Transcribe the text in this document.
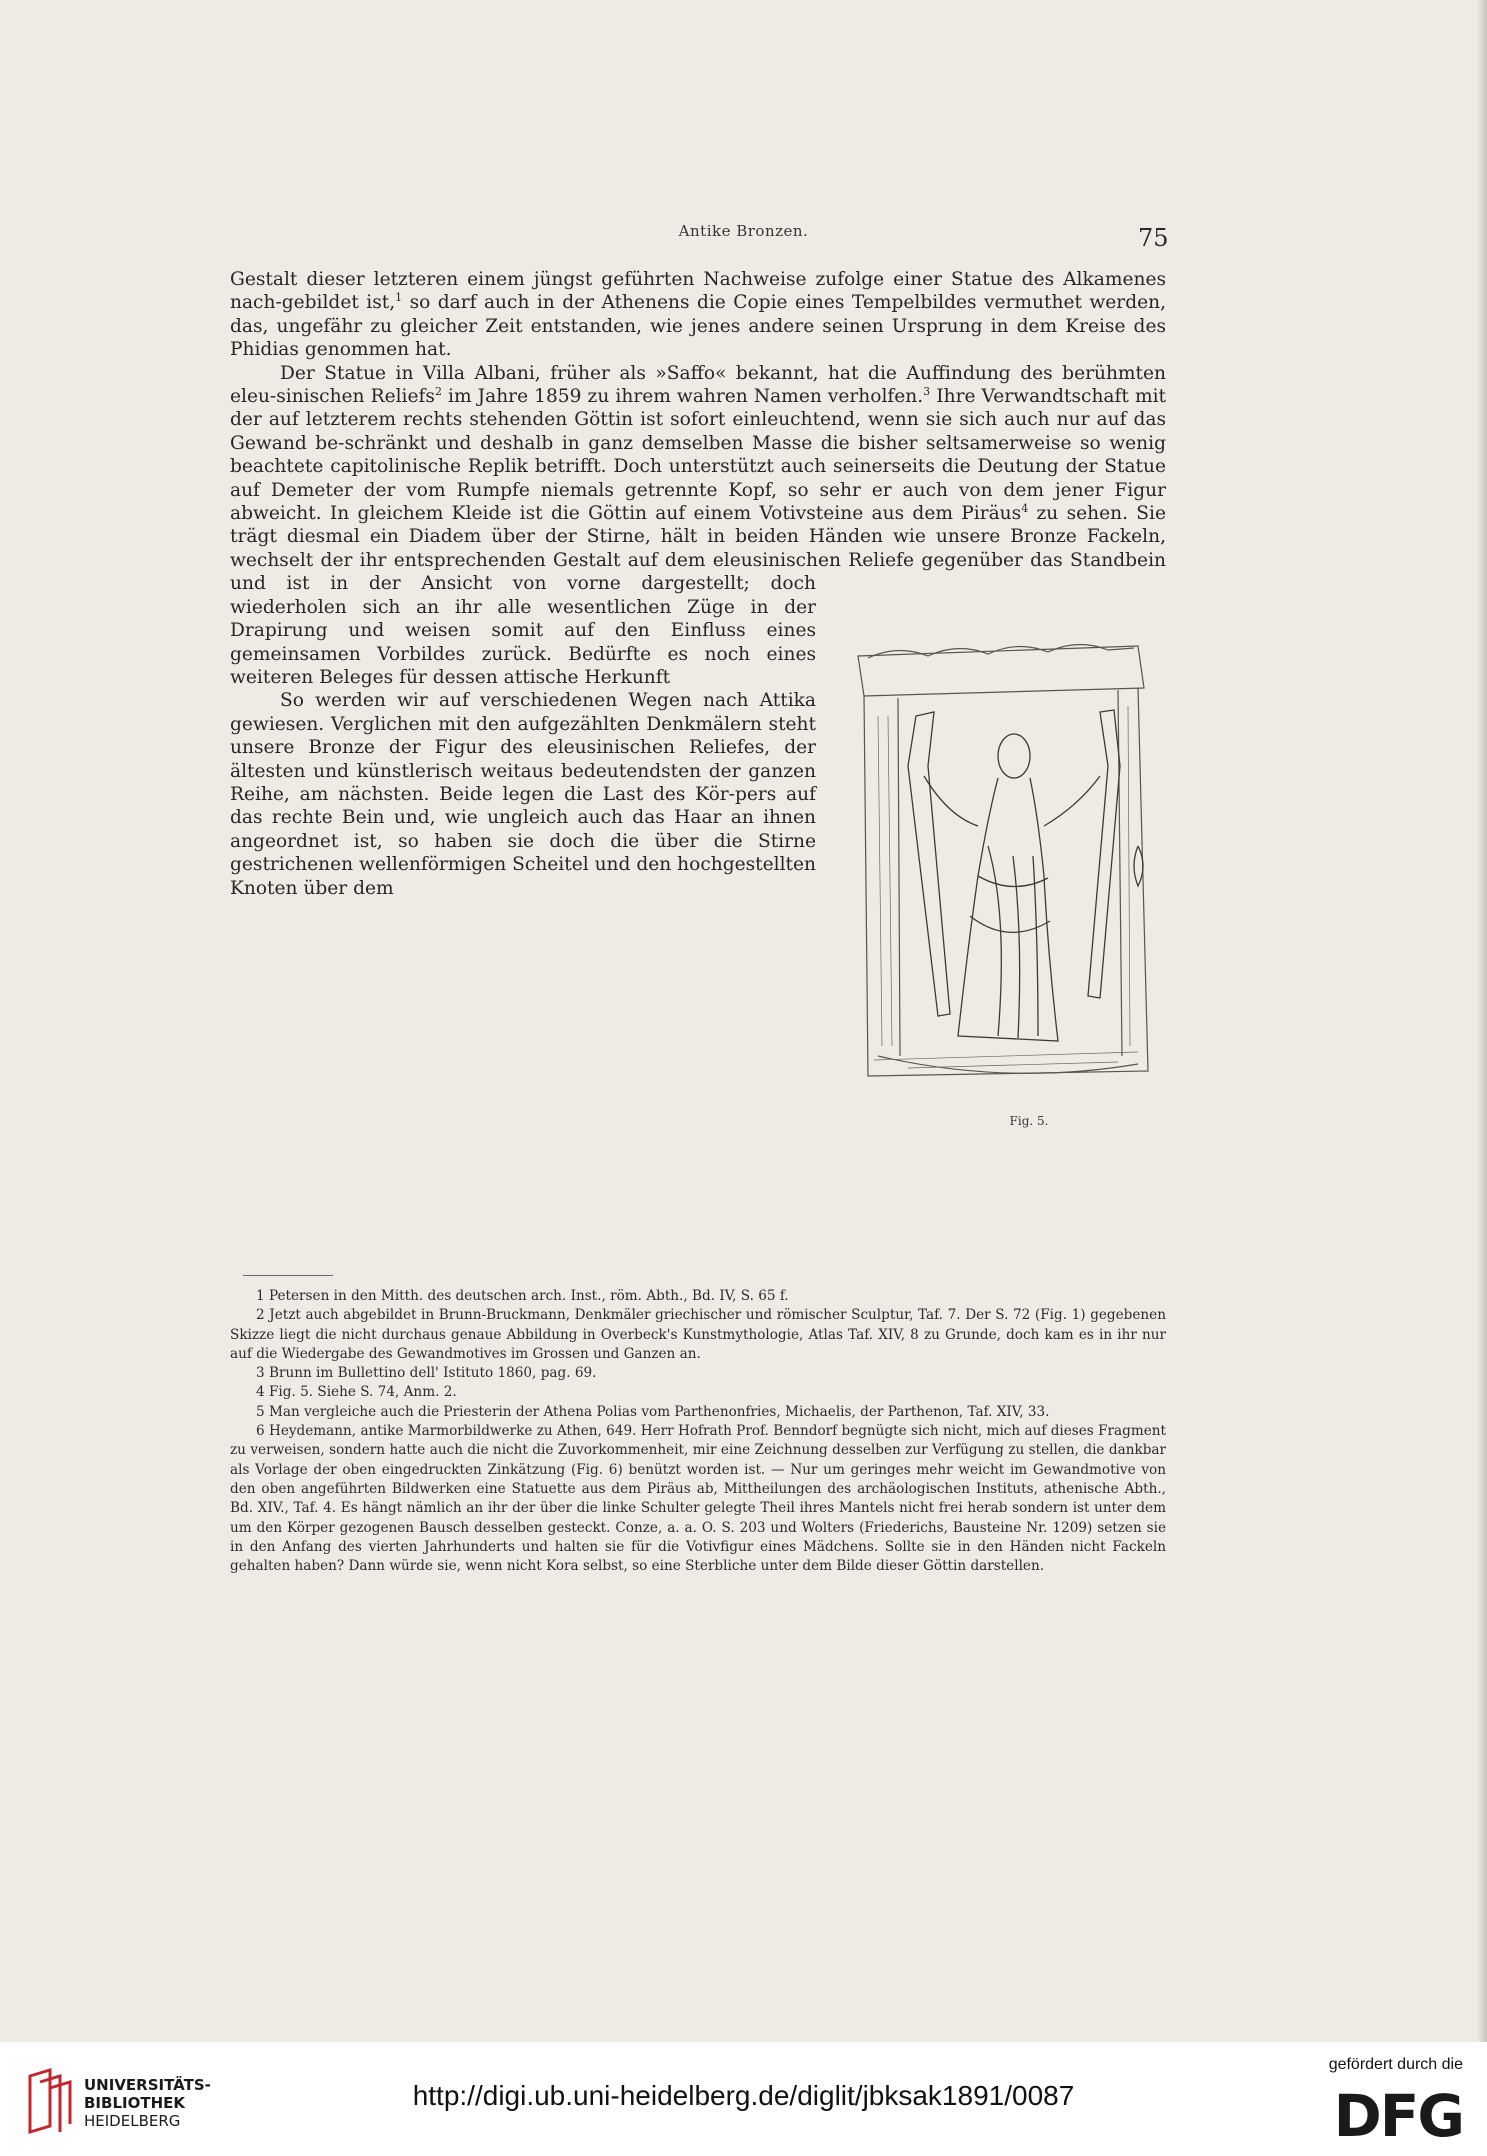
Antike Bronzen.	75

Gestalt dieser letzteren einem jüngst geführten Nachweise zufolge einer Statue des Alkamenes nach-gebildet ist,$^1$ so darf auch in der Athenens die Copie eines Tempelbildes vermuthet werden, das, ungefähr zu gleicher Zeit entstanden, wie jenes andere seinen Ursprung in dem Kreise des Phidias genommen hat.

Der Statue in Villa Albani, früher als »Saffo« bekannt, hat die Auffindung des berühmten eleu-sinischen Reliefs$^2$ im Jahre 1859 zu ihrem wahren Namen verholfen.$^3$ Ihre Verwandtschaft mit der auf letzterem rechts stehenden Göttin ist sofort einleuchtend, wenn sie sich auch nur auf das Gewand be-schränkt und deshalb in ganz demselben Masse die bisher seltsamerweise so wenig beachtete capitolinische Replik betrifft. Doch unterstützt auch seinerseits die Deutung der Statue auf Demeter der vom Rumpfe niemals getrennte Kopf, so sehr er auch von dem jener Figur abweicht. In gleichem Kleide ist die Göttin auf einem Votivsteine aus dem Piräus$^4$ zu sehen. Sie trägt diesmal ein Diadem über der Stirne, hält in beiden Händen wie unsere Bronze Fackeln, wechselt der ihr entsprechenden Gestalt auf dem eleusinischen Reliefe gegenüber das Standbein und ist in der
Fig. 5.
Ansicht von vorne dargestellt; doch wiederholen sich an ihr alle wesentlichen Züge in der Drapirung und weisen somit auf den Einfluss eines gemeinsamen Vorbildes zurück. Bedürfte es noch eines weiteren Beleges für dessen attische Herkunft

So werden wir auf verschiedenen Wegen nach Attika gewiesen. Verglichen mit den aufgezählten Denkmälern steht unsere Bronze der Figur des eleusinischen Reliefes, der ältesten und künstlerisch weitaus bedeutendsten der ganzen Reihe, am nächsten. Beide legen die Last des Kör-pers auf das rechte Bein und, wie ungleich auch das Haar an ihnen angeordnet ist, so haben sie doch die über die Stirne gestrichenen wellenförmigen Scheitel und den hochgestellten Knoten über dem

1 Petersen in den Mitth. des deutschen arch. Inst., röm. Abth., Bd. IV, S. 65 f.

2 Jetzt auch abgebildet in Brunn-Bruckmann, Denkmäler griechischer und römischer Sculptur, Taf. 7. Der S. 72 (Fig. 1) gegebenen Skizze liegt die nicht durchaus genaue Abbildung in Overbeck's Kunstmythologie, Atlas Taf. XIV, 8 zu Grunde, doch kam es in ihr nur auf die Wiedergabe des Gewandmotives im Grossen und Ganzen an.

3 Brunn im Bullettino dell' Istituto 1860, pag. 69.

4 Fig. 5. Siehe S. 74, Anm. 2.

5 Man vergleiche auch die Priesterin der Athena Polias vom Parthenonfries, Michaelis, der Parthenon, Taf. XIV, 33.

6 Heydemann, antike Marmorbildwerke zu Athen, 649. Herr Hofrath Prof. Benndorf begnügte sich nicht, mich auf dieses Fragment zu verweisen, sondern hatte auch die nicht die Zuvorkommenheit, mir eine Zeichnung desselben zur Verfügung zu stellen, die dankbar als Vorlage der oben eingedruckten Zinkätzung (Fig. 6) benützt worden ist. — Nur um geringes mehr weicht im Gewandmotive von den oben angeführten Bildwerken eine Statuette aus dem Piräus ab, Mittheilungen des archäologischen Instituts, athenische Abth., Bd. XIV., Taf. 4. Es hängt nämlich an ihr der über die linke Schulter gelegte Theil ihres Mantels nicht frei herab sondern ist unter dem um den Körper gezogenen Bausch desselben gesteckt. Conze, a. a. O. S. 203 und Wolters (Friederichs, Bausteine Nr. 1209) setzen sie in den Anfang des vierten Jahrhunderts und halten sie für die Votivfigur eines Mädchens. Sollte sie in den Händen nicht Fackeln gehalten haben? Dann würde sie, wenn nicht Kora selbst, so eine Sterbliche unter dem Bilde dieser Göttin darstellen.

UNIVERSITÄTS-
BIBLIOTHEK
HEIDELBERG
http://digi.ub.uni-heidelberg.de/diglit/jbksak1891/0087
gefördert durch die
DFG
